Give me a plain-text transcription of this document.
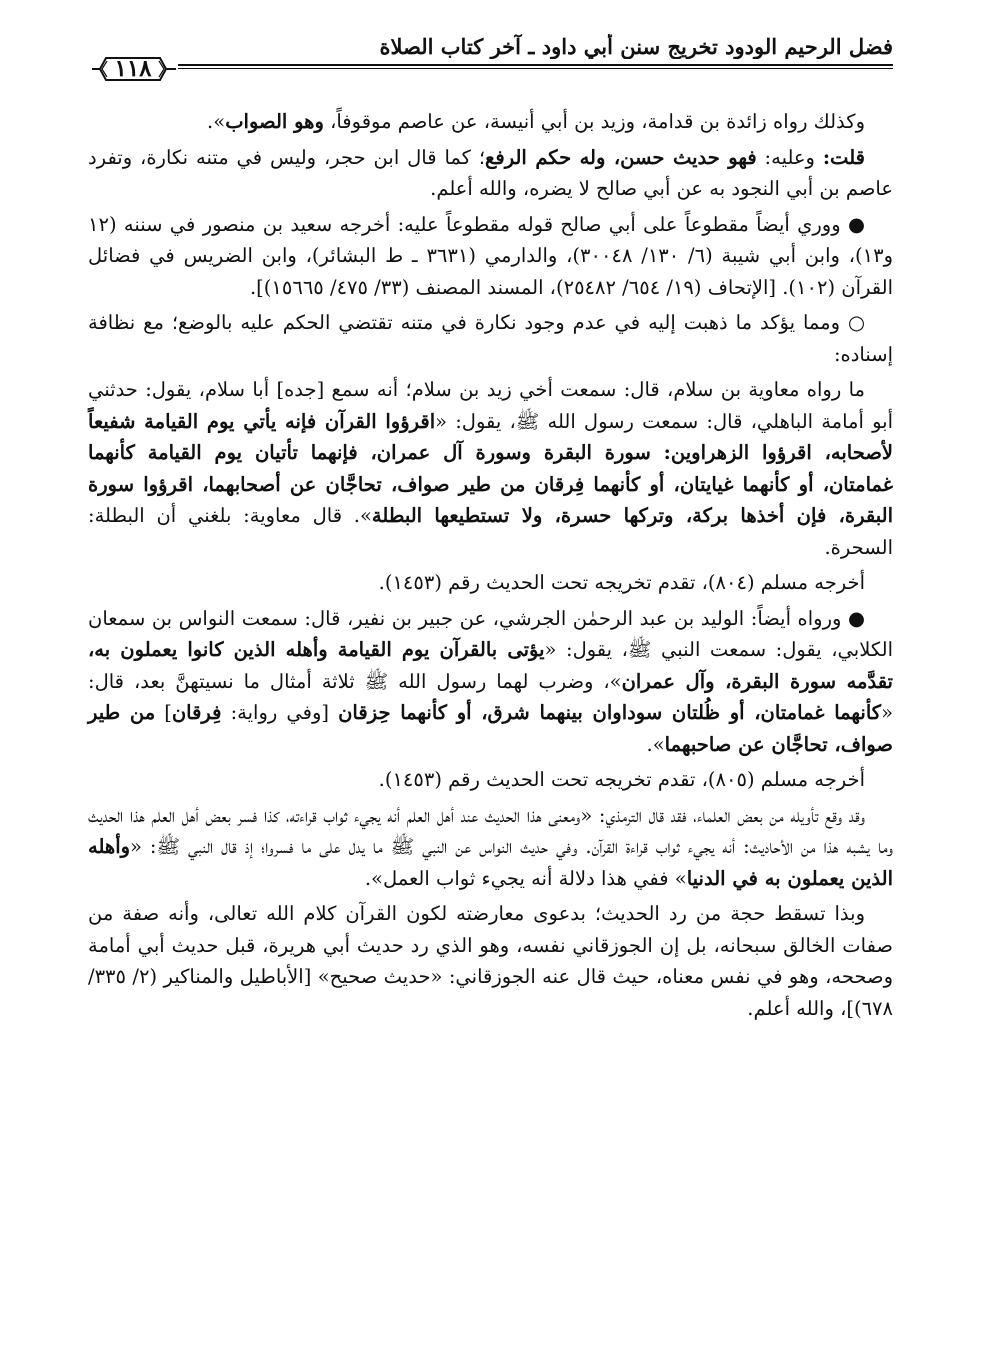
فضل الرحيم الودود تخريج سنن أبي داود ـ آخر كتاب الصلاة
١١٨

وكذلك رواه زائدة بن قدامة، وزيد بن أبي أنيسة، عن عاصم موقوفاً، وهو الصواب».

قلت: وعليه: فهو حديث حسن، وله حكم الرفع؛ كما قال ابن حجر، وليس في متنه نكارة، وتفرد عاصم بن أبي النجود به عن أبي صالح لا يضره، والله أعلم.

● ووري أيضاً مقطوعاً على أبي صالح قوله مقطوعاً عليه: أخرجه سعيد بن منصور في سننه (١٢ و١٣)، وابن أبي شيبة (٦/ ١٣٠/ ٣٠٠٤٨)، والدارمي (٣٦٣١ ـ ط البشائر)، وابن الضريس في فضائل القرآن (١٠٢). [الإتحاف (١٩/ ٦٥٤/ ٢٥٤٨٢)، المسند المصنف (٣٣/ ٤٧٥/ ١٥٦٦٥)].

○ ومما يؤكد ما ذهبت إليه في عدم وجود نكارة في متنه تقتضي الحكم عليه بالوضع؛ مع نظافة إسناده:

ما رواه معاوية بن سلام، قال: سمعت أخي زيد بن سلام؛ أنه سمع [جده] أبا سلام، يقول: حدثني أبو أمامة الباهلي، قال: سمعت رسول الله ﷺ، يقول: «اقرؤوا القرآن فإنه يأتي يوم القيامة شفيعاً لأصحابه، اقرؤوا الزهراوين: سورة البقرة وسورة آل عمران، فإنهما تأتيان يوم القيامة كأنهما غمامتان، أو كأنهما غيايتان، أو كأنهما فِرقان من طير صواف، تحاجَّان عن أصحابهما، اقرؤوا سورة البقرة، فإن أخذها بركة، وتركها حسرة، ولا تستطيعها البطلة». قال معاوية: بلغني أن البطلة: السحرة.

أخرجه مسلم (٨٠٤)، تقدم تخريجه تحت الحديث رقم (١٤٥٣).

● ورواه أيضاً: الوليد بن عبد الرحمٰن الجرشي، عن جبير بن نفير، قال: سمعت النواس بن سمعان الكلابي، يقول: سمعت النبي ﷺ، يقول: «يؤتى بالقرآن يوم القيامة وأهله الذين كانوا يعملون به، تقدَّمه سورة البقرة، وآل عمران»، وضرب لهما رسول الله ﷺ ثلاثة أمثال ما نسيتهنَّ بعد، قال: «كأنهما غمامتان، أو ظُلتان سوداوان بينهما شرق، أو كأنهما حِزقان [وفي رواية: فِرقان] من طير صواف، تحاجَّان عن صاحبهما».

أخرجه مسلم (٨٠٥)، تقدم تخريجه تحت الحديث رقم (١٤٥٣).

وقد وقع تأويله من بعض العلماء، فقد قال الترمذي: «ومعنى هذا الحديث عند أهل العلم أنه يجيء ثواب قراءته، كذا فسر بعض أهل العلم هذا الحديث وما يشبه هذا من الأحاديث: أنه يجيء ثواب قراءة القرآن. وفي حديث النواس عن النبي ﷺ ما يدل على ما فسروا؛ إذ قال النبي ﷺ: «وأهله الذين يعملون به في الدنيا» ففي هذا دلالة أنه يجيء ثواب العمل».

وبذا تسقط حجة من رد الحديث؛ بدعوى معارضته لكون القرآن كلام الله تعالى، وأنه صفة من صفات الخالق سبحانه، بل إن الجوزقاني نفسه، وهو الذي رد حديث أبي هريرة، قبل حديث أبي أمامة وصححه، وهو في نفس معناه، حيث قال عنه الجوزقاني: «حديث صحيح» [الأباطيل والمناكير (٢/ ٣٣٥/ ٦٧٨)]، والله أعلم.
